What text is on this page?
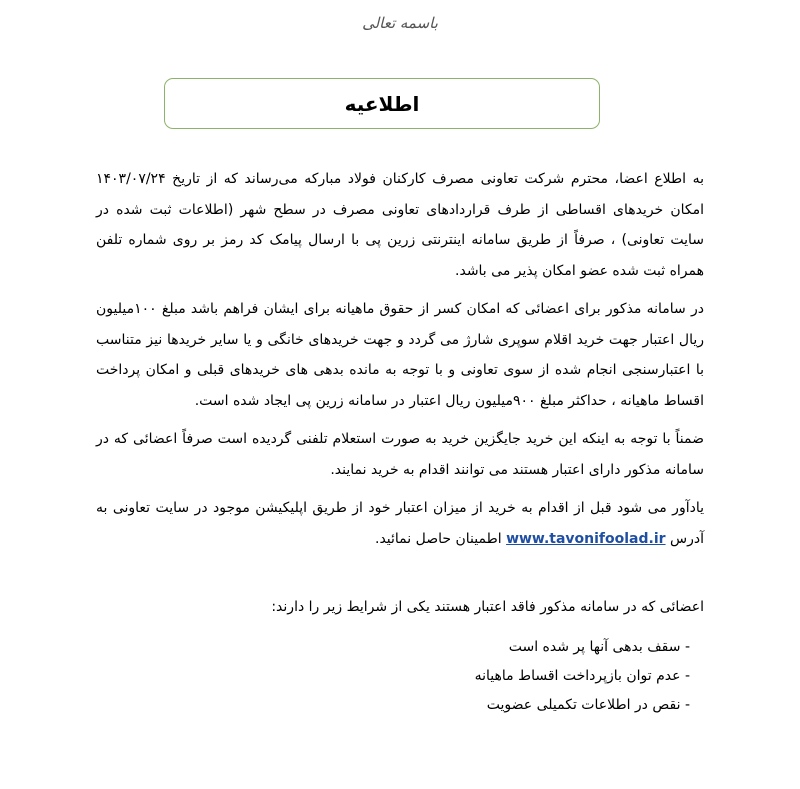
باسمه تعالی
اطلاعیه

به اطلاع اعضا، محترم شرکت تعاونی مصرف کارکنان فولاد مبارکه می‌رساند که از تاریخ ۱۴۰۳/۰۷/۲۴ امکان خریدهای اقساطی از طرف قراردادهای تعاونی مصرف در سطح شهر (اطلاعات ثبت شده در سایت تعاونی) ، صرفاً از طریق سامانه اینترنتی زرین پی با ارسال پیامک کد رمز بر روی شماره تلفن همراه ثبت شده عضو امکان پذیر می باشد.

در سامانه مذکور برای اعضائی که امکان کسر از حقوق ماهیانه برای ایشان فراهم باشد مبلغ ۱۰۰میلیون ریال اعتبار جهت خرید اقلام سوپری شارژ می گردد و جهت خریدهای خانگی و یا سایر خریدها نیز متناسب با اعتبارسنجی انجام شده از سوی تعاونی و با توجه به مانده بدهی های خریدهای قبلی و امکان پرداخت اقساط ماهیانه ، حداکثر مبلغ ۹۰۰میلیون ریال اعتبار در سامانه زرین پی ایجاد شده است.

ضمناً با توجه به اینکه این خرید جایگزین خرید به صورت استعلام تلفنی گردیده است صرفاً اعضائی که در سامانه مذکور دارای اعتبار هستند می توانند اقدام به خرید نمایند.

یادآور می شود قبل از اقدام به خرید از میزان اعتبار خود از طریق اپلیکیشن موجود در سایت تعاونی به آدرس www.tavonifoolad.ir اطمینان حاصل نمائید.

اعضائی که در سامانه مذکور فاقد اعتبار هستند یکی از شرایط زیر را دارند:

- سقف بدهی آنها پر شده است
- عدم توان بازپرداخت اقساط ماهیانه
- نقص در اطلاعات تکمیلی عضویت
